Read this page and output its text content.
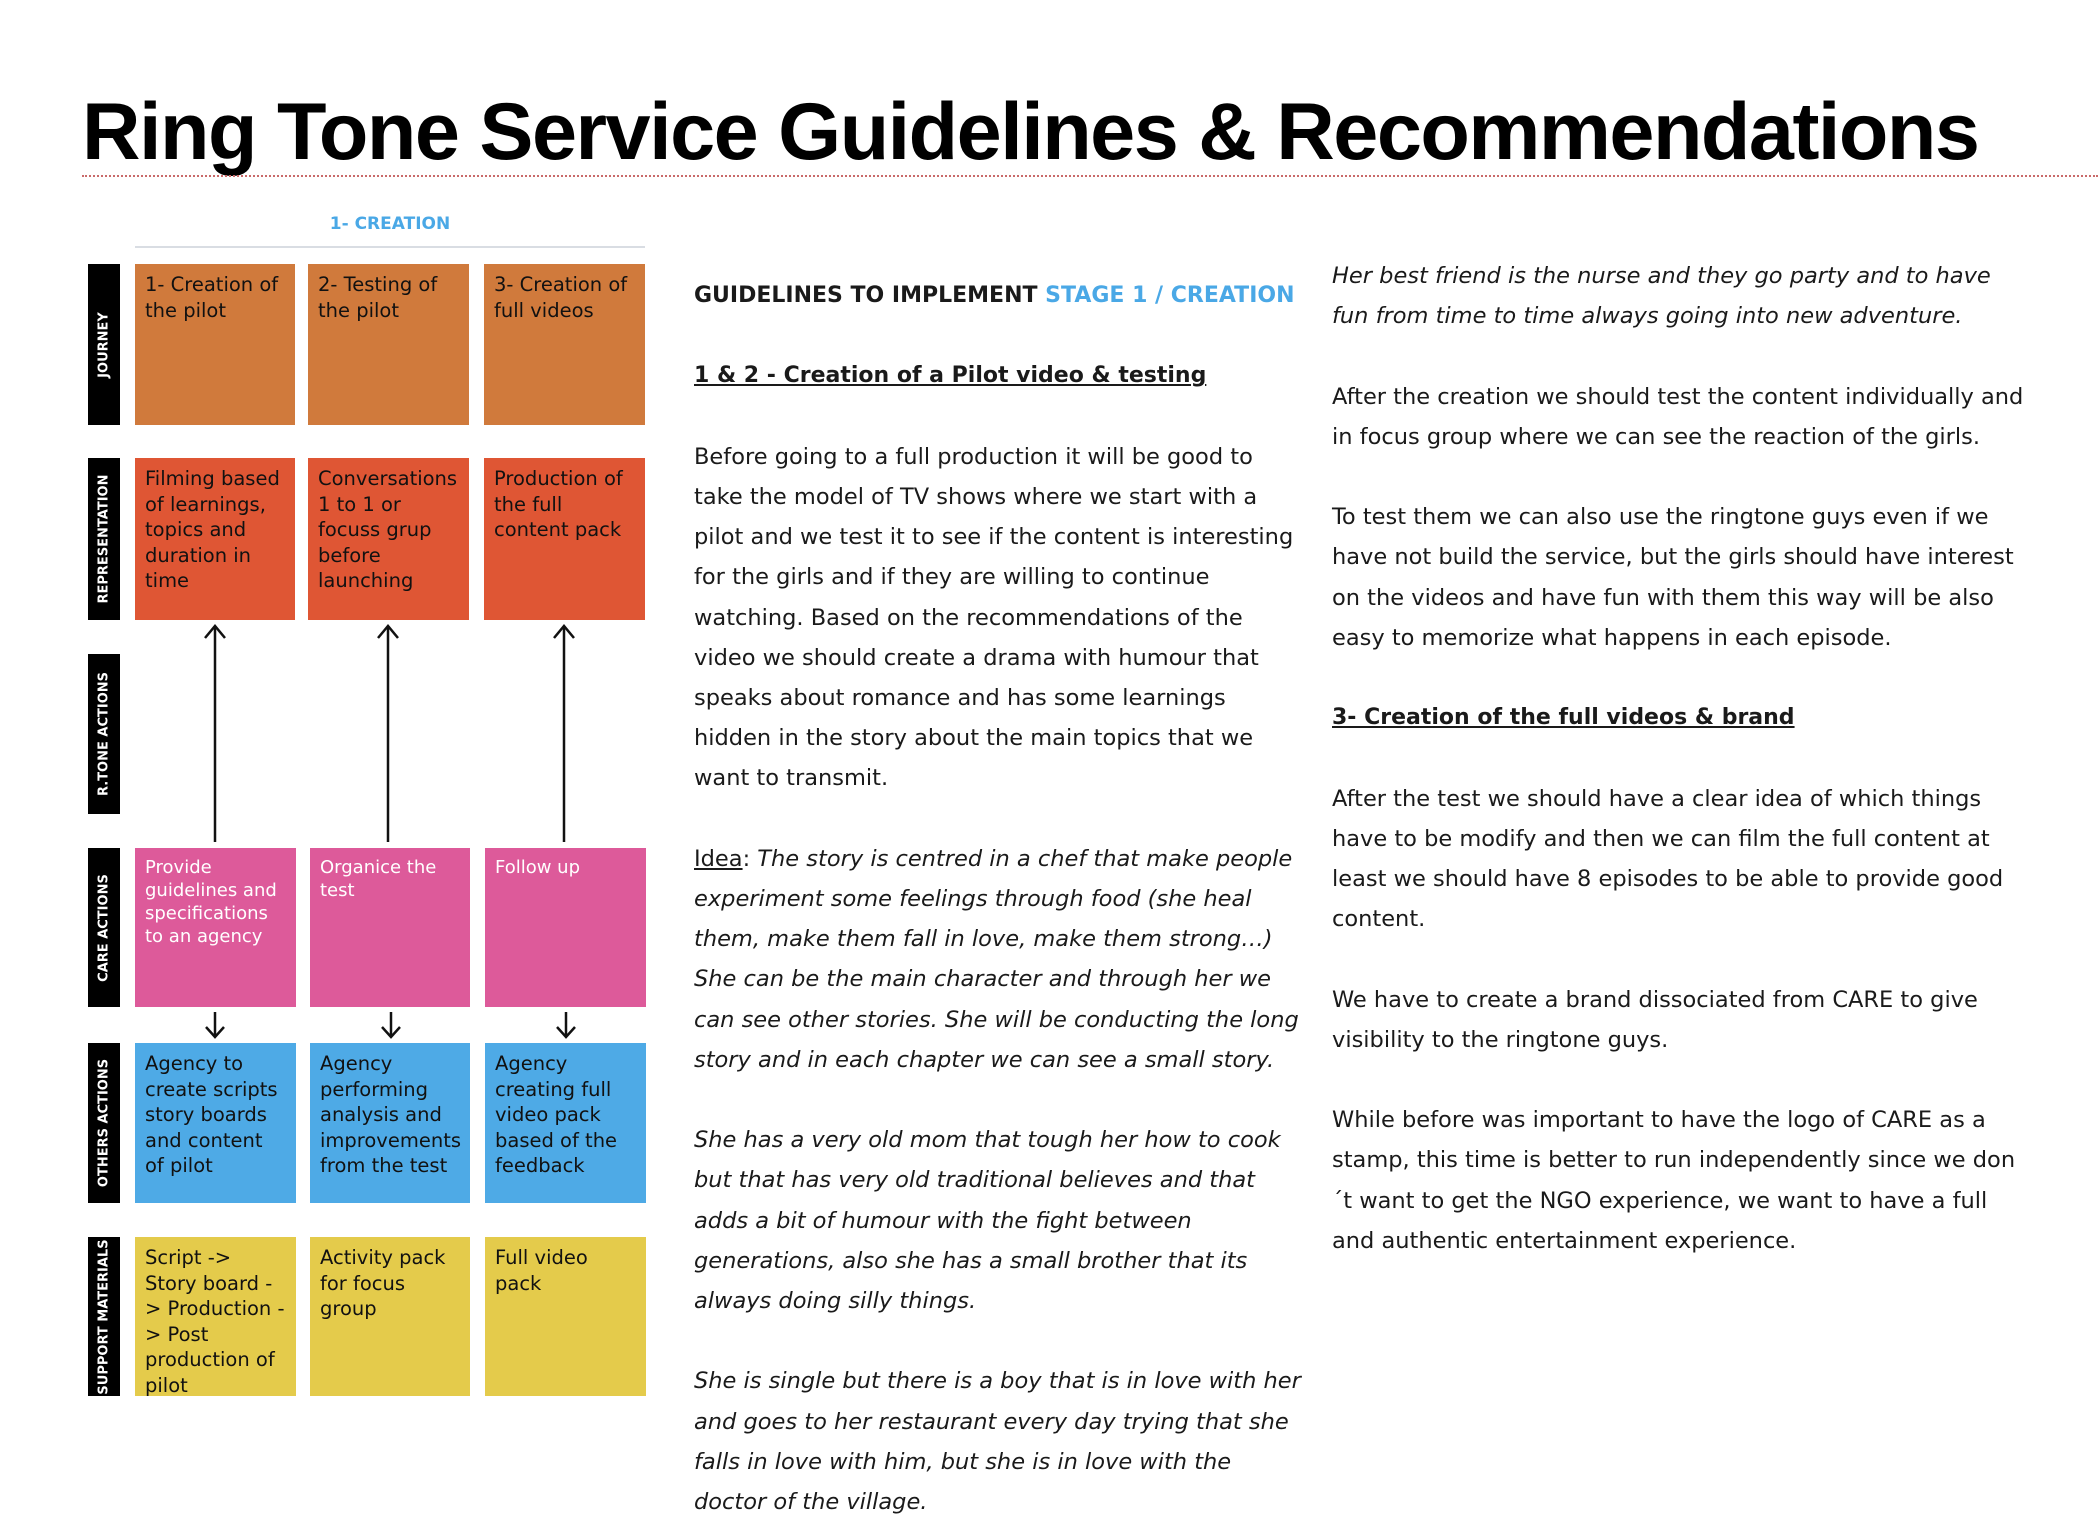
Ring Tone Service Guidelines & Recommendations
1- CREATION
JOURNEY
REPRESENTATION
R.TONE ACTIONS
CARE ACTIONS
OTHERS ACTIONS
SUPPORT MATERIALS
1- Creation of the pilot
2- Testing of the pilot
3- Creation of full videos
Filming based of learnings, topics and duration in time
Conversations 1 to 1 or focuss grup before launching
Production of the full content pack
Provide guidelines and specifications to an agency
Organice the test
Follow up
Agency to create scripts story boards and content of pilot
Agency performing analysis and improvements from the test
Agency creating full video pack based of the feedback
Script -> Story board -> Production -> Post production of pilot
Activity pack for focus group
Full video pack

GUIDELINES TO IMPLEMENT STAGE 1 / CREATION

1 & 2 - Creation of a Pilot video & testing

Before going to a full production it will be good to take the model of TV shows where we start with a pilot and we test it to see if the content is interesting for the girls and if they are willing to continue watching. Based on the recommendations of the video we should create a drama with humour that speaks about romance and has some learnings hidden in the story about the main topics that we want to transmit.

Idea: The story is centred in a chef that make people experiment some feelings through food (she heal them, make them fall in love, make them strong…) She can be the main character and through her we can see other stories. She will be conducting the long story and in each chapter we can see a small story.

She has a very old mom that tough her how to cook but that has very old traditional believes and that adds a bit of humour with the fight between generations, also she has a small brother that its always doing silly things.

She is single but there is a boy that is in love with her and goes to her restaurant every day trying that she falls in love with him, but she is in love with the doctor of the village.

Her best friend is the nurse and they go party and to have fun from time to time always going into new adventure.

After the creation we should test the content individually and in focus group where we can see the reaction of the girls.

To test them we can also use the ringtone guys even if we have not build the service, but the girls should have interest on the videos and have fun with them this way will be also easy to memorize what happens in each episode.

3- Creation of the full videos & brand

After the test we should have a clear idea of which things have to be modify and then we can film the full content at least we should have 8 episodes to be able to provide good content.

We have to create a brand dissociated from CARE to give visibility to the ringtone guys.

While before was important to have the logo of CARE as a stamp, this time is better to run independently since we don´t want to get the NGO experience, we want to have a full and authentic entertainment experience.
